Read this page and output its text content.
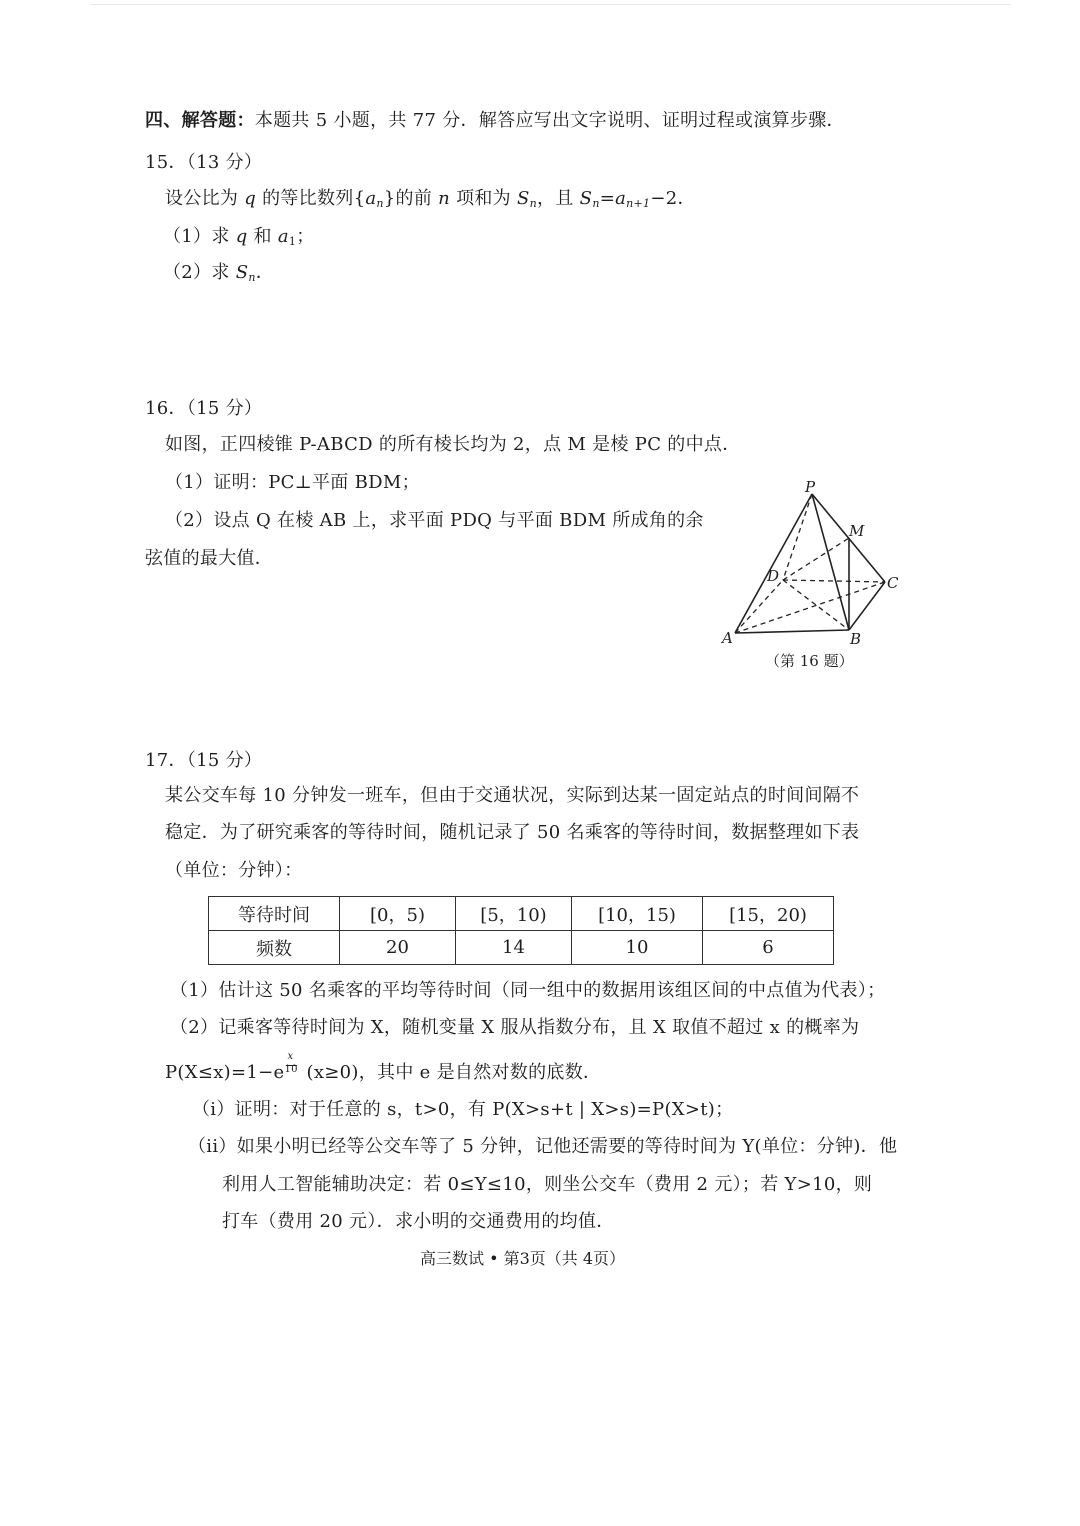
四、解答题：本题共 5 小题，共 77 分．解答应写出文字说明、证明过程或演算步骤．
15．（13 分）
设公比为 q 的等比数列$\{a_n\}$的前 n 项和为 $S_n$，且 $S_n=a_{n+1}-2$．
（1）求 q 和 $a_1$；
（2）求 $S_n$．
16．（15 分）
如图，正四棱锥 P-ABCD 的所有棱长均为 2，点 M 是棱 PC 的中点．
（1）证明：PC⊥平面 BDM；
（2）设点 Q 在棱 AB 上，求平面 PDQ 与平面 BDM 所成角的余
弦值的最大值．
P
M
D	C
A	B
（第 16 题）
17．（15 分）
某公交车每 10 分钟发一班车，但由于交通状况，实际到达某一固定站点的时间间隔不
稳定．为了研究乘客的等待时间，随机记录了 50 名乘客的等待时间，数据整理如下表
（单位：分钟）：
等待时间	[0，5)	[5，10)	[10，15)	[15，20)
频数	20	14	10	6
（1）估计这 50 名乘客的平均等待时间（同一组中的数据用该组区间的中点值为代表）；
（2）记乘客等待时间为 X，随机变量 X 服从指数分布，且 X 取值不超过 x 的概率为
$P(X\le x)=1-e \frac{x}{10} (x\ge 0)$，其中 e 是自然对数的底数．
（i）证明：对于任意的 s，t>0，有 P(X>s+t | X>s)=P(X>t)；
（ii）如果小明已经等公交车等了 5 分钟，记他还需要的等待时间为 Y(单位：分钟)．他
利用人工智能辅助决定：若 0≤Y≤10，则坐公交车（费用 2 元）；若 Y>10，则
打车（费用 20 元）．求小明的交通费用的均值．
高三数试 • 第3页（共 4页）
